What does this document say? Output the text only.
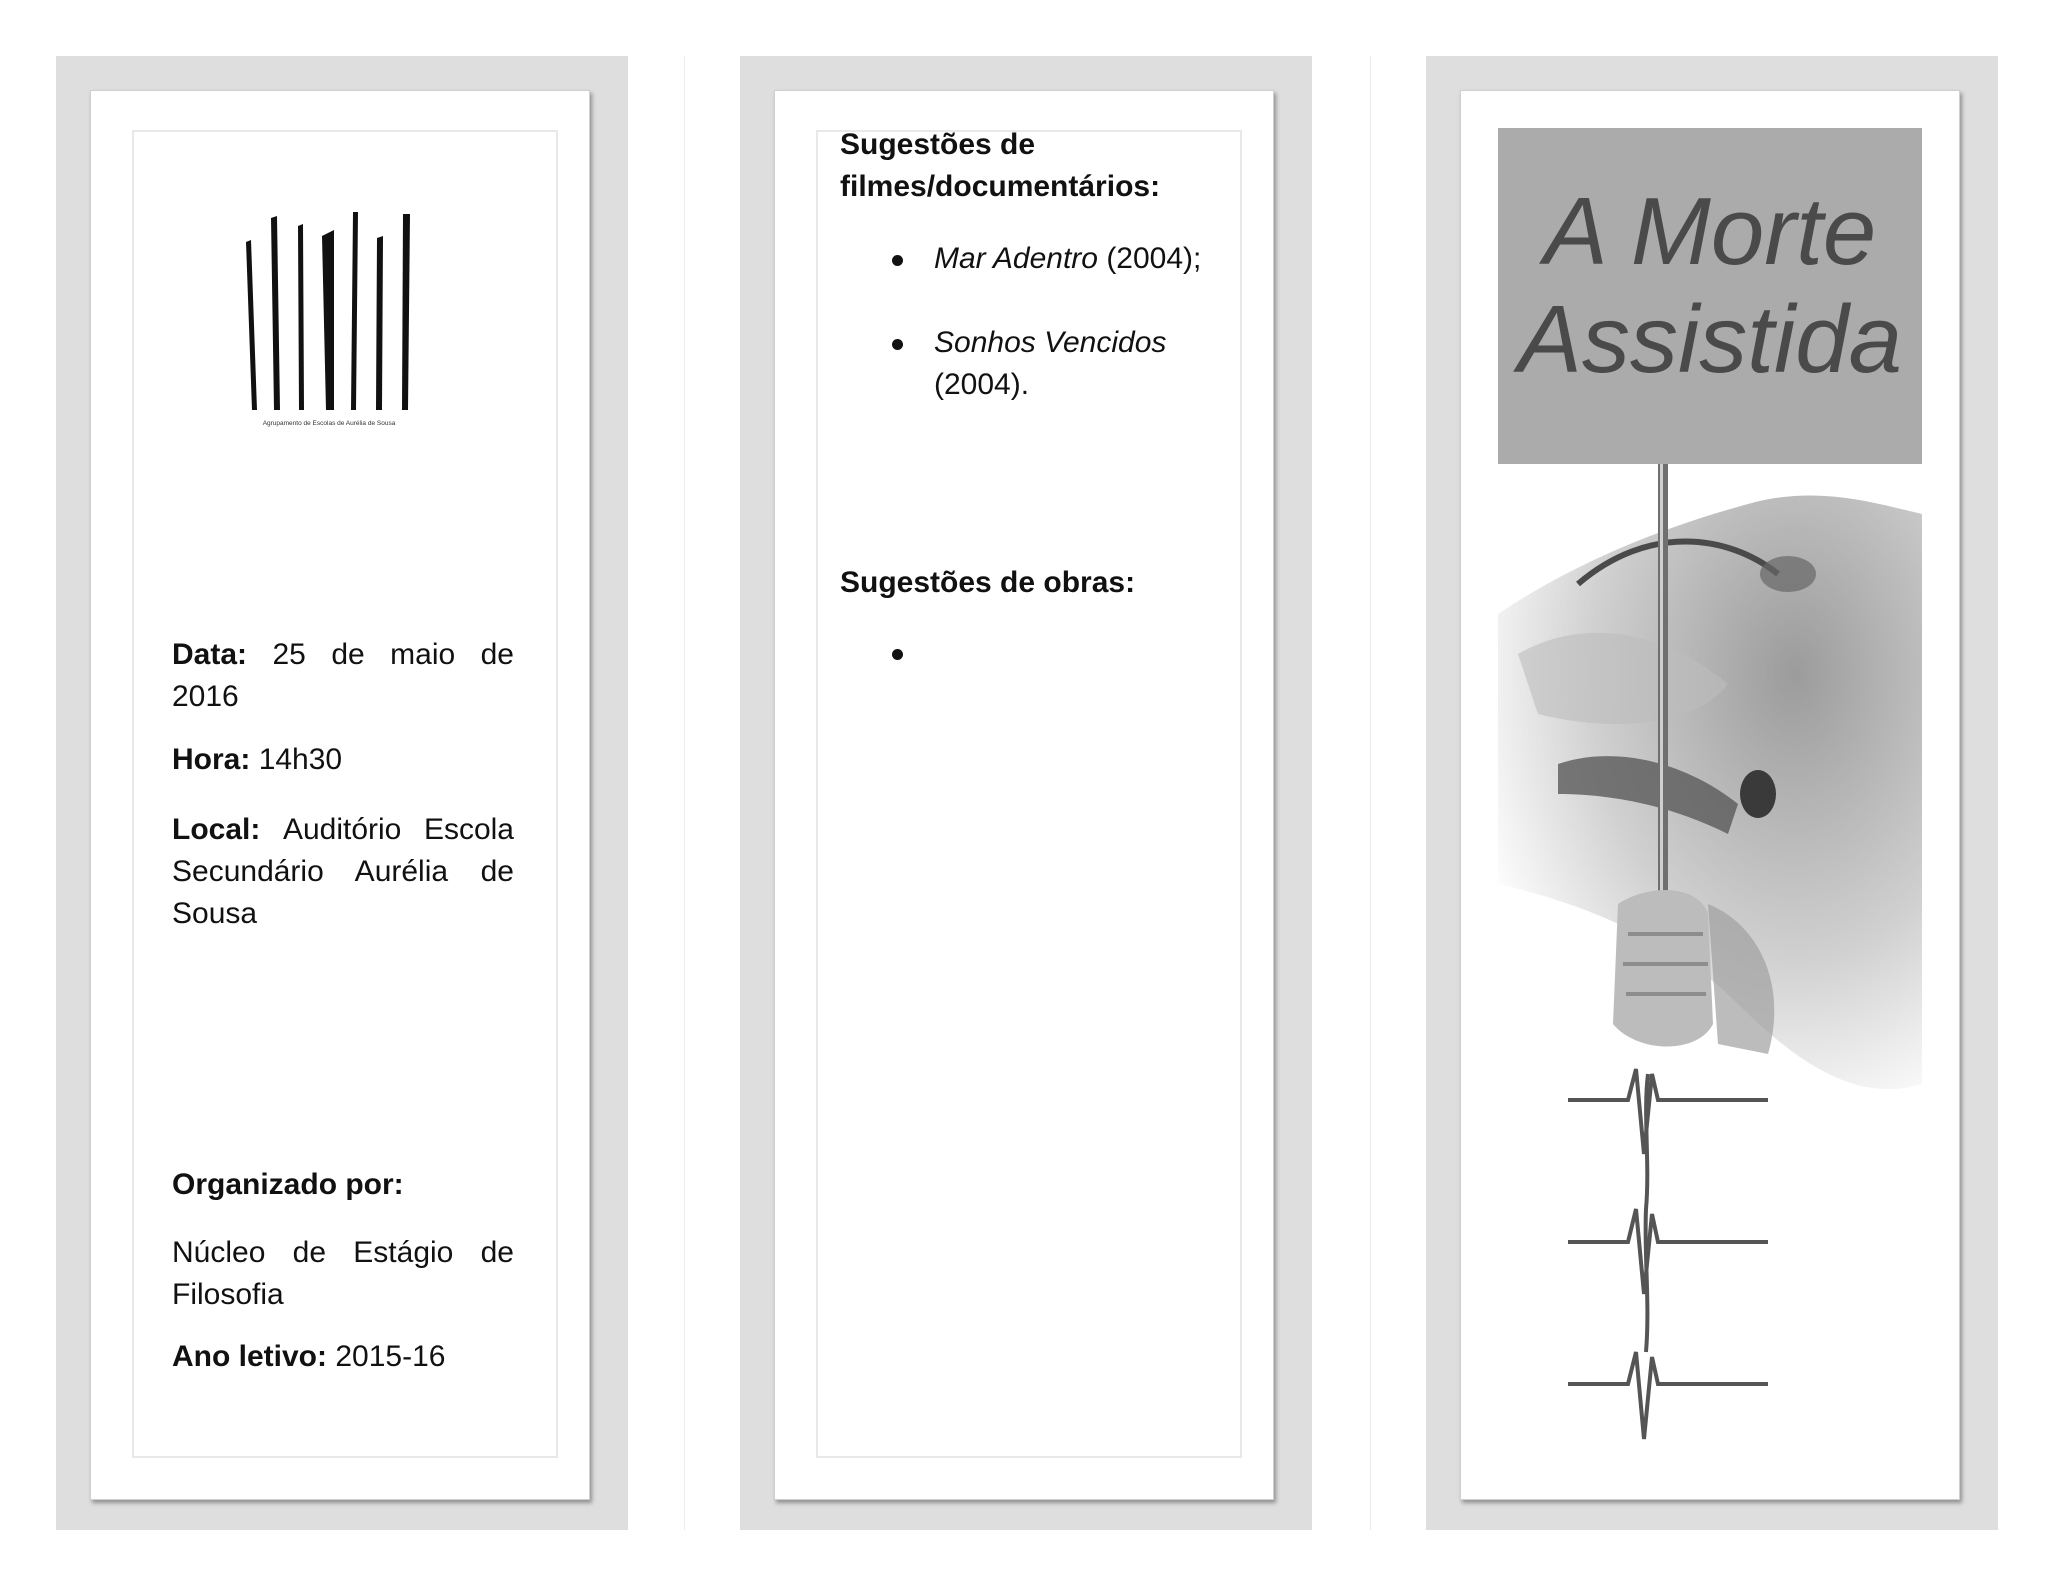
Agrupamento de Escolas de Aurélia de Sousa

Data: 25 de maio de 2016

Hora: 14h30

Local: Auditório Escola Secundário Aurélia de Sousa

Organizado por:

Núcleo de Estágio de Filosofia

Ano letivo: 2015-16

Sugestões de filmes/documentários:

Mar Adentro (2004);
Sonhos Vencidos (2004).

Sugestões de obras:

A Morte
Assistida
